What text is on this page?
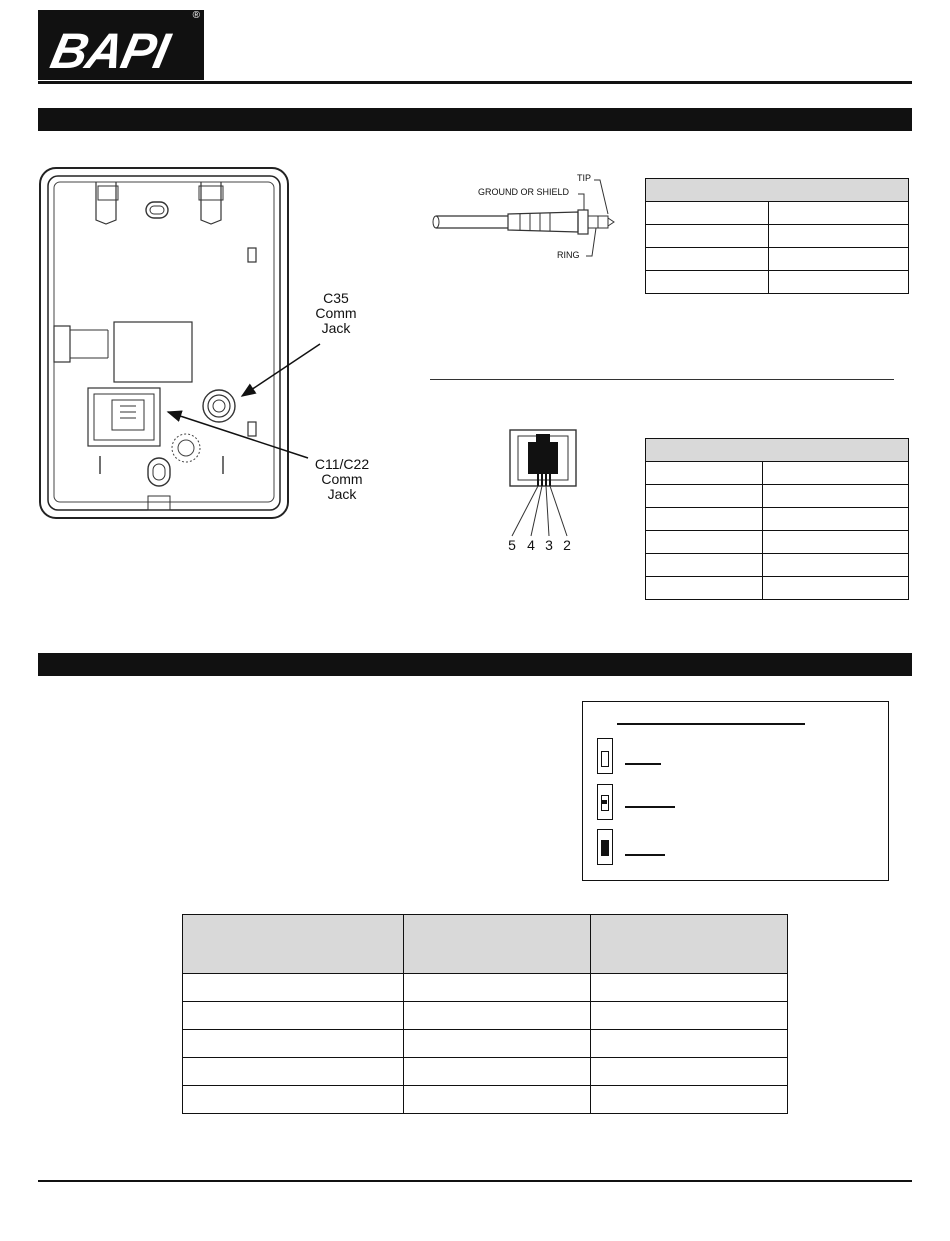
BAPI
®
C35
Comm
Jack
C11/C22
Comm
Jack
GROUND OR SHIELD
TIP
RING

5 4 3 2
